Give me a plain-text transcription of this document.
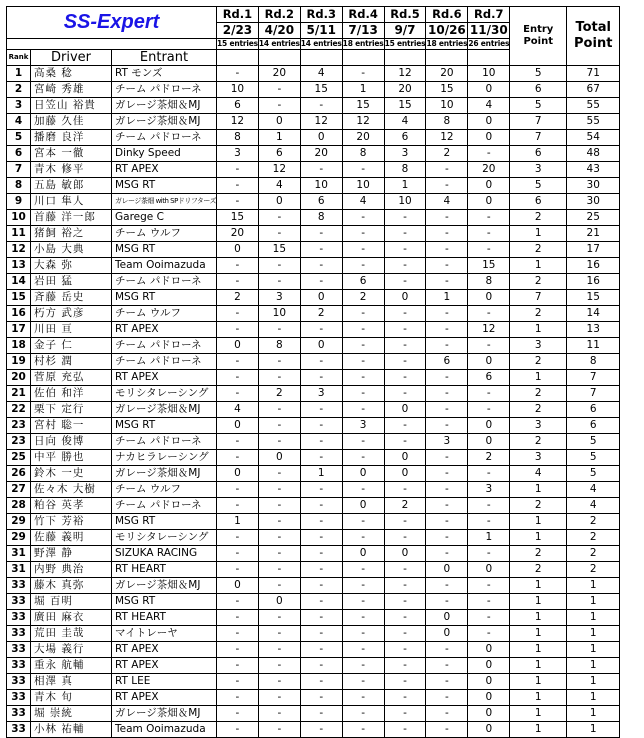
SS-Expert			Rd.1	Rd.2	Rd.3	Rd.4	Rd.5	Rd.6	Rd.7	Entry Point	Total Point
			2/23	4/20	5/11	7/13	9/7	10/26	11/30		
			15 entries	14 entries	14 entries	18 entries	15 entries	18 entries	26 entries		
Rank	Driver	Entrant									
1	高桑 稔	RT モンズ	-	20	4	-	12	20	10	5	71
2	宮崎 秀雄	チーム パドローネ	10	-	15	1	20	15	0	6	67
3	日笠山 裕貴	ガレージ茶畑＆MJ	6	-	-	15	15	10	4	5	55
4	加藤 久佳	ガレージ茶畑＆MJ	12	0	12	12	4	8	0	7	55
5	播磨 良洋	チーム パドローネ	8	1	0	20	6	12	0	7	54
6	宮本 一徹	Dinky Speed	3	6	20	8	3	2	-	6	48
7	青木 修平	RT APEX	-	12	-	-	8	-	20	3	43
8	五島 敏郎	MSG RT	-	4	10	10	1	-	0	5	30
9	川口 隼人	ガレージ茶畑 with SPドリフターズ	-	0	6	4	10	4	0	6	30
10	首藤 洋一郎	Garege C	15	-	8	-	-	-	-	2	25
11	猪飼 裕之	チーム ウルフ	20	-	-	-	-	-	-	1	21
12	小島 大典	MSG RT	0	15	-	-	-	-	-	2	17
13	大森 弥	Team Ooimazuda	-	-	-	-	-	-	15	1	16
14	岩田 猛	チーム パドローネ	-	-	-	6	-	-	8	2	16
15	斉藤 岳史	MSG RT	2	3	0	2	0	1	0	7	15
16	朽方 武彦	チーム ウルフ	-	10	2	-	-	-	-	2	14
17	川田 亘	RT APEX	-	-	-	-	-	-	12	1	13
18	金子 仁	チーム パドローネ	0	8	0	-	-	-	-	3	11
19	村杉 潤	チーム パドローネ	-	-	-	-	-	6	0	2	8
20	菅原 充弘	RT APEX	-	-	-	-	-	-	6	1	7
21	佐伯 和洋	モリシタレーシング	-	2	3	-	-	-	-	2	7
22	栗下 定行	ガレージ茶畑＆MJ	4	-	-	-	0	-	-	2	6
23	宮村 聡一	MSG RT	0	-	-	3	-	-	0	3	6
23	日向 俊博	チーム パドローネ	-	-	-	-	-	3	0	2	5
25	中平 勝也	ナカヒラレーシング	-	0	-	-	0	-	2	3	5
26	鈴木 一史	ガレージ茶畑＆MJ	0	-	1	0	0	-	-	4	5
27	佐々木 大樹	チーム ウルフ	-	-	-	-	-	-	3	1	4
28	粕谷 英孝	チーム パドローネ	-	-	-	0	2	-	-	2	4
29	竹下 芳裕	MSG RT	1	-	-	-	-	-	-	1	2
29	佐藤 義明	モリシタレーシング	-	-	-	-	-	-	1	1	2
31	野澤 静	SIZUKA RACING	-	-	-	0	0	-	-	2	2
31	内野 典治	RT HEART	-	-	-	-	-	0	0	2	2
33	藤木 真弥	ガレージ茶畑＆MJ	0	-	-	-	-	-	-	1	1
33	堀 百明	MSG RT	-	0	-	-	-	-	-	1	1
33	廣田 麻衣	RT HEART	-	-	-	-	-	0	-	1	1
33	荒田 圭哉	マイトレーヤ	-	-	-	-	-	0	-	1	1
33	大場 義行	RT APEX	-	-	-	-	-	-	0	1	1
33	重永 航輔	RT APEX	-	-	-	-	-	-	0	1	1
33	相澤 真	RT LEE	-	-	-	-	-	-	0	1	1
33	青木 旬	RT APEX	-	-	-	-	-	-	0	1	1
33	堀 崇統	ガレージ茶畑＆MJ	-	-	-	-	-	-	0	1	1
33	小林 祐輔	Team Ooimazuda	-	-	-	-	-	-	0	1	1
